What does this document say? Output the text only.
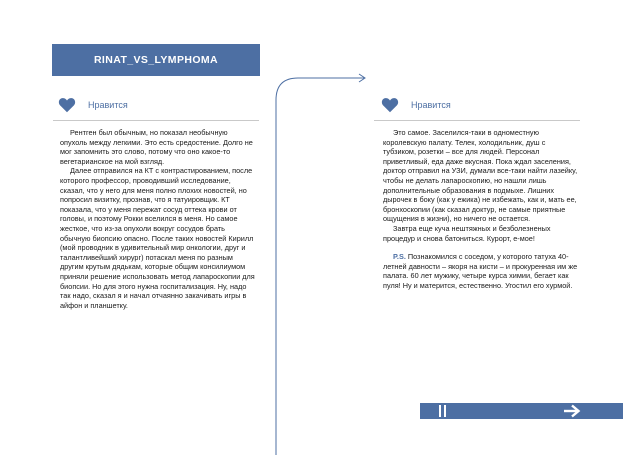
RINAT_VS_LYMPHOMA
Нравится

Рентген был обычным, но показал необычную опухоль между легкими. Это есть средостение. Долго не мог запомнить это слово, потому что оно какое-то вегетарианское на мой взгляд.

Далее отправился на КТ с контрастированием, после которого профессор, проводивший исследование, сказал, что у него для меня полно плохих новостей, но попросил визитку, прознав, что я татуировщик. КТ показала, что у меня пережат сосуд оттека крови от головы, и поэтому Рокки вселился в меня. Но самое жесткое, что из-за опухоли вокруг сосудов брать обычную биопсию опасно. После таких новостей Кирилл (мой проводник в удивительный мир онкологии, друг и талантливейший хирург) потаскал меня по разным другим крутым дядькам, которые общим консилиумом приняли решение использовать метод лапароскопии для биопсии. Но для этого нужна госпитализация. Ну, надо так надо, сказал я и начал отчаянно закачивать игры в айфон и планшетку.

Нравится

Это самое. Заселился-таки в одноместную королевскую палату. Телек, холодильник, душ с тубзиком, розетки – все для людей. Персонал приветливый, еда даже вкусная. Пока ждал заселения, доктор отправил на УЗИ, думали все-таки найти лазейку, чтобы не делать лапароскопию, но нашли лишь дополнительные образования в подмыхе. Лишних дырочек в боку (как у ежика) не избежать, как и, мать ее, бронхоскопии (как сказал доктур, не самые приятные ощущения в жизни), но ничего не остается.

Завтра еще куча нештяжных и безболезненых процедур и снова батониться. Курорт, е-мое!

P.S. Познакомился с соседом, у которого татуха 40-летней давности – якоря на кисти – и прокуренная им же палата. 60 лет мужику, четыре курса химии, бегает как пуля! Ну и матерится, естественно. Угостил его хурмой.
